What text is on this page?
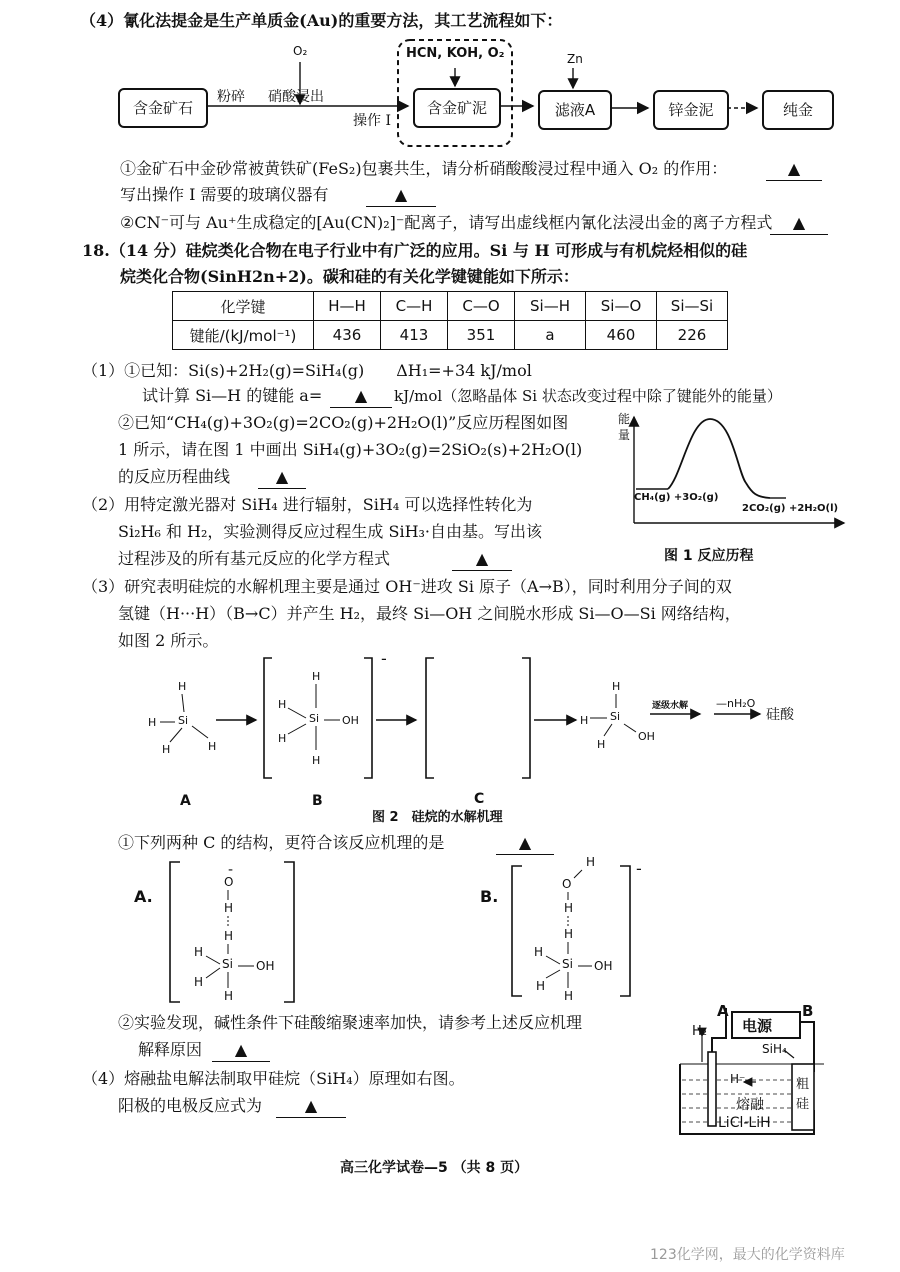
（4）氰化法提金是生产单质金(Au)的重要方法，其工艺流程如下：
含金矿石
粉碎
O₂
硝酸浸出
操作 I
HCN, KOH, O₂
含金矿泥
Zn
滤液A	锌金泥	纯金
①金矿石中金砂常被黄铁矿(FeS₂)包裹共生，请分析硝酸酸浸过程中通入 O₂ 的作用：	▲
写出操作 I 需要的玻璃仪器有	▲
②CN⁻可与 Au⁺生成稳定的[Au(CN)₂]⁻配离子，请写出虚线框内氰化法浸出金的离子方程式	▲
18.（14 分）硅烷类化合物在电子行业中有广泛的应用。Si 与 H 可形成与有机烷烃相似的硅
烷类化合物(SinH2n+2)。碳和硅的有关化学键键能如下所示：
化学键	H—H	C—H	C—O	Si—H	Si—O	Si—Si
键能/(kJ/mol⁻¹)	436	413	351	a	460	226
（1）①已知：Si(s)+2H₂(g)=SiH₄(g)　　ΔH₁=+34 kJ/mol
试计算 Si—H 的键能 a=	▲	kJ/mol（忽略晶体 Si 状态改变过程中除了键能外的能量）
②已知“CH₄(g)+3O₂(g)=2CO₂(g)+2H₂O(l)”反应历程图如图
1 所示，请在图 1 中画出 SiH₄(g)+3O₂(g)=2SiO₂(s)+2H₂O(l)
的反应历程曲线	▲
（2）用特定激光器对 SiH₄ 进行辐射，SiH₄ 可以选择性转化为
Si₂H₆ 和 H₂，实验测得反应过程生成 SiH₃·自由基。写出该
过程涉及的所有基元反应的化学方程式	▲
能
量
CH₄(g) +3O₂(g)
2CO₂(g) +2H₂O(l)
图 1 反应历程
（3）研究表明硅烷的水解机理主要是通过 OH⁻进攻 Si 原子（A→B），同时利用分子间的双
氢键（H···H）（B→C）并产生 H₂，最终 Si—OH 之间脱水形成 Si—O—Si 网络结构，
如图 2 所示。
H
Si
H
H	H
-
H
Si
H
H
OH
H
H
Si
H
H
OH
逐级水解	—nH₂O
硅酸
A	B	C
图 2　硅烷的水解机理
①下列两种 C 的结构，更符合该反应机理的是	▲
A.	B.
O
-
H
H
Si
H
H
OH
H
-
H
O
H
H
Si
H
H
OH
H
②实验发现，碱性条件下硅酸缩聚速率加快，请参考上述反应机理
解释原因	▲
（4）熔融盐电解法制取甲硅烷（SiH₄）原理如右图。
阳极的电极反应式为	▲
A	B
电源
H₂
SiH₄
H⁻
熔融
LiCl-LiH
粗
硅
高三化学试卷—5 （共 8 页）
123化学网，最大的化学资料库
